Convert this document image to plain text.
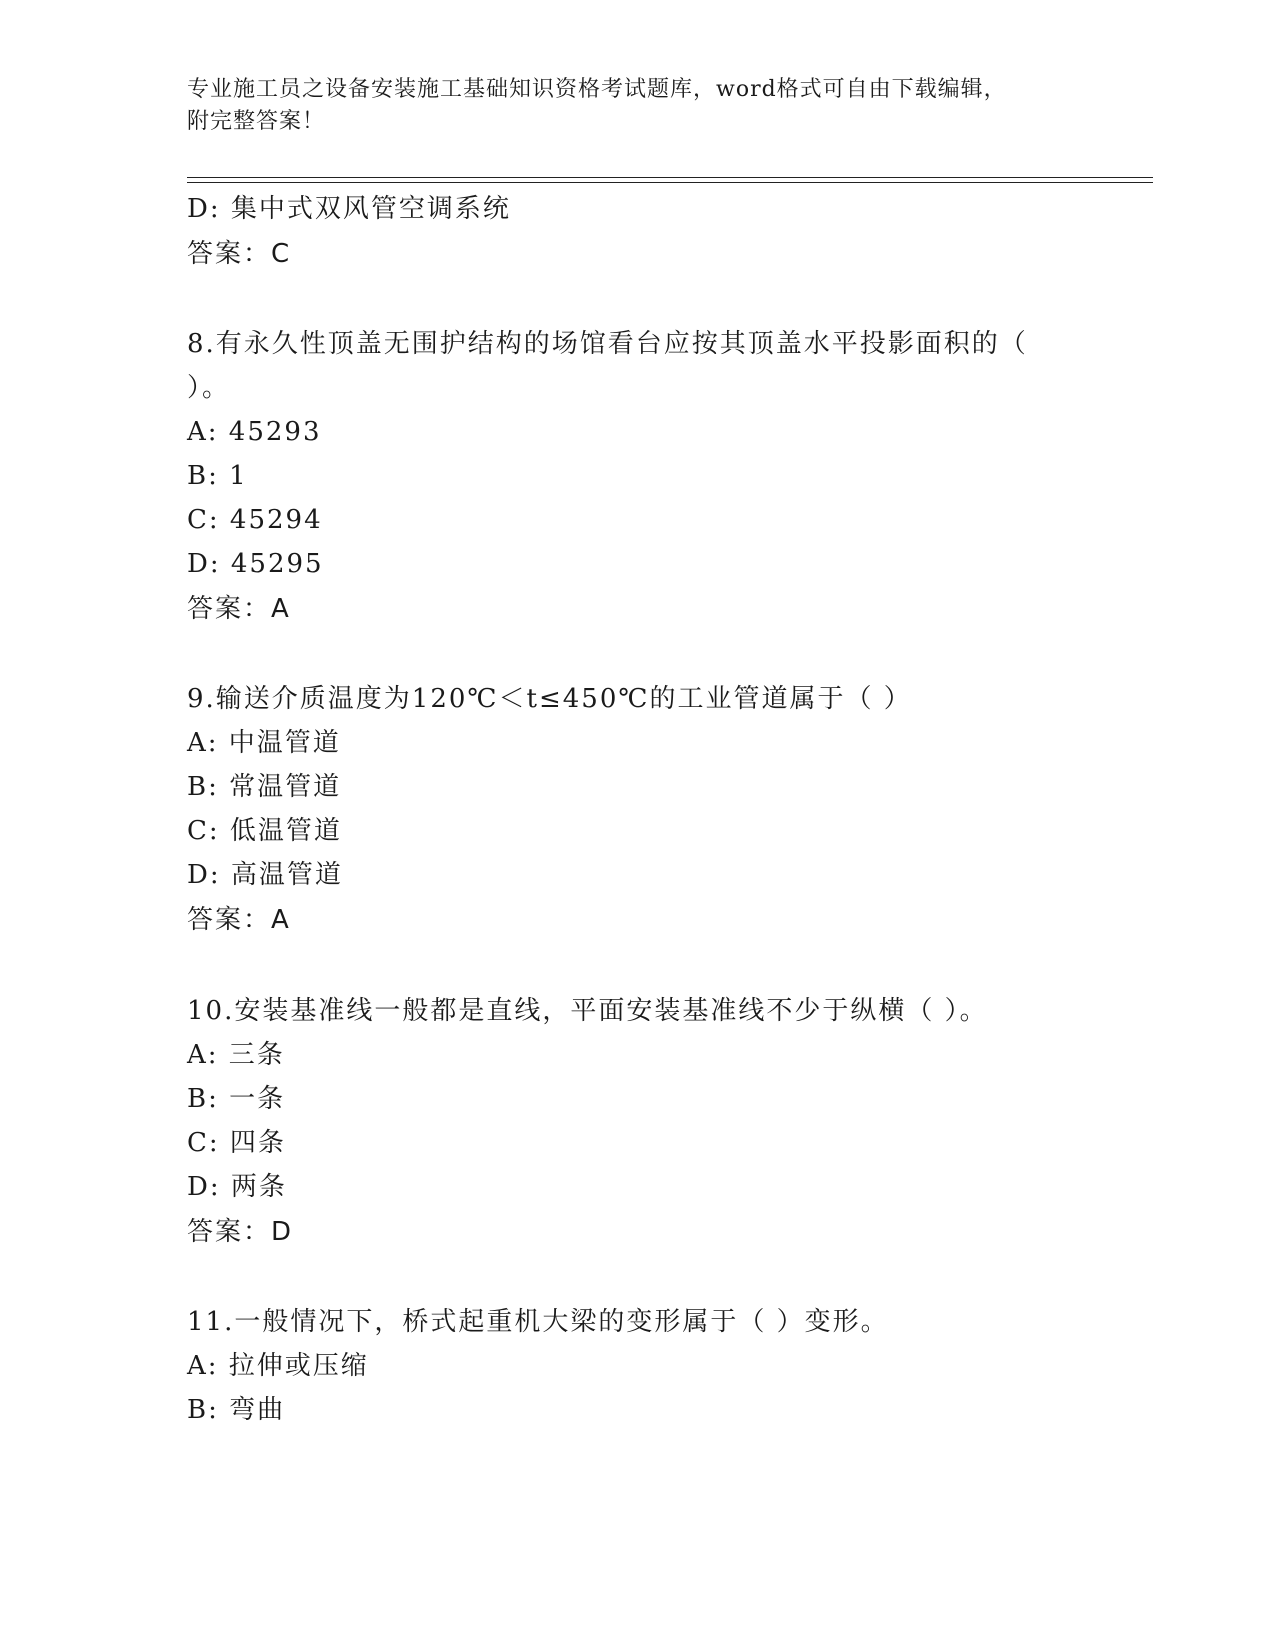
专业施工员之设备安装施工基础知识资格考试题库，word格式可自由下载编辑，
附完整答案！
D: 集中式双风管空调系统
答案：C
8.有永久性顶盖无围护结构的场馆看台应按其顶盖水平投影面积的（
）。
A: 45293
B: 1
C: 45294
D: 45295
答案：A
9.输送介质温度为120℃＜t≤450℃的工业管道属于（ ）
A: 中温管道
B: 常温管道
C: 低温管道
D: 高温管道
答案：A
10.安装基准线一般都是直线，平面安装基准线不少于纵横（ ）。
A: 三条
B: 一条
C: 四条
D: 两条
答案：D
11.一般情况下，桥式起重机大梁的变形属于（ ）变形。
A: 拉伸或压缩
B: 弯曲
